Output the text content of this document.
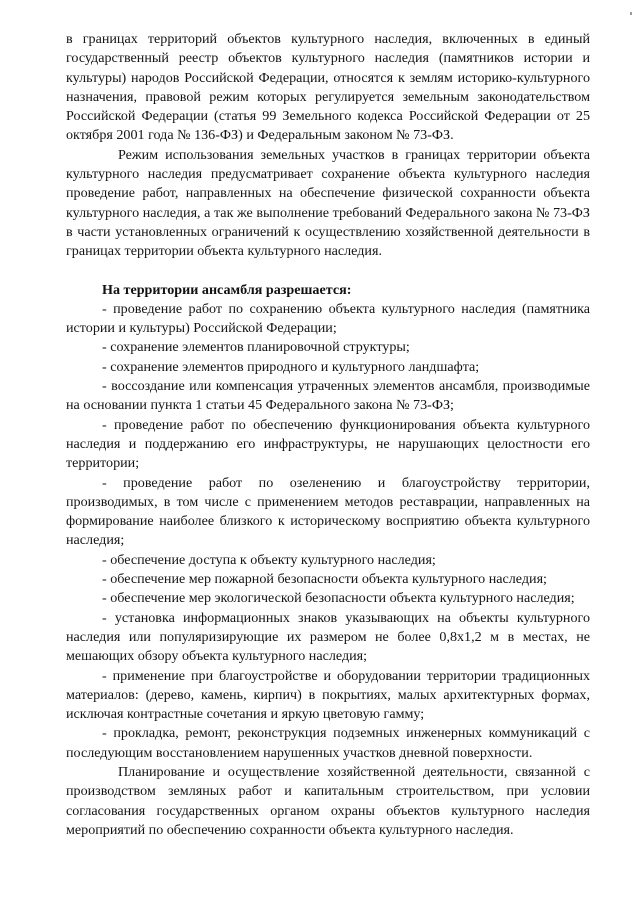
в границах территорий объектов культурного наследия, включенных в единый государственный реестр объектов культурного наследия (памятников истории и культуры) народов Российской Федерации, относятся к землям историко-культурного назначения, правовой режим которых регулируется земельным законодательством Российской Федерации (статья 99 Земельного кодекса Российской Федерации от 25 октября 2001 года № 136-ФЗ) и Федеральным законом № 73-ФЗ.

Режим использования земельных участков в границах территории объекта культурного наследия предусматривает сохранение объекта культурного наследия проведение работ, направленных на обеспечение физической сохранности объекта культурного наследия, а так же выполнение требований Федерального закона № 73-ФЗ в части установленных ограничений к осуществлению хозяйственной деятельности в границах территории объекта культурного наследия.

На территории ансамбля разрешается:

- проведение работ по сохранению объекта культурного наследия (памятника истории и культуры) Российской Федерации;

- сохранение элементов планировочной структуры;

- сохранение элементов природного и культурного ландшафта;

- воссоздание или компенсация утраченных элементов ансамбля, производимые на основании пункта 1 статьи 45 Федерального закона № 73-ФЗ;

- проведение работ по обеспечению функционирования объекта культурного наследия и поддержанию его инфраструктуры, не нарушающих целостности его территории;

- проведение работ по озеленению и благоустройству территории, производимых, в том числе с применением методов реставрации, направленных на формирование наиболее близкого к историческому восприятию объекта культурного наследия;

- обеспечение доступа к объекту культурного наследия;

- обеспечение мер пожарной безопасности объекта культурного наследия;

- обеспечение мер экологической безопасности объекта культурного наследия;

- установка информационных знаков указывающих на объекты культурного наследия или популяризирующие их размером не более 0,8х1,2 м в местах, не мешающих обзору объекта культурного наследия;

- применение при благоустройстве и оборудовании территории традиционных материалов: (дерево, камень, кирпич) в покрытиях, малых архитектурных формах, исключая контрастные сочетания и яркую цветовую гамму;

- прокладка, ремонт, реконструкция подземных инженерных коммуникаций с последующим восстановлением нарушенных участков дневной поверхности.

Планирование и осуществление хозяйственной деятельности, связанной с производством земляных работ и капитальным строительством, при условии согласования государственных органом охраны объектов культурного наследия мероприятий по обеспечению сохранности объекта культурного наследия.
